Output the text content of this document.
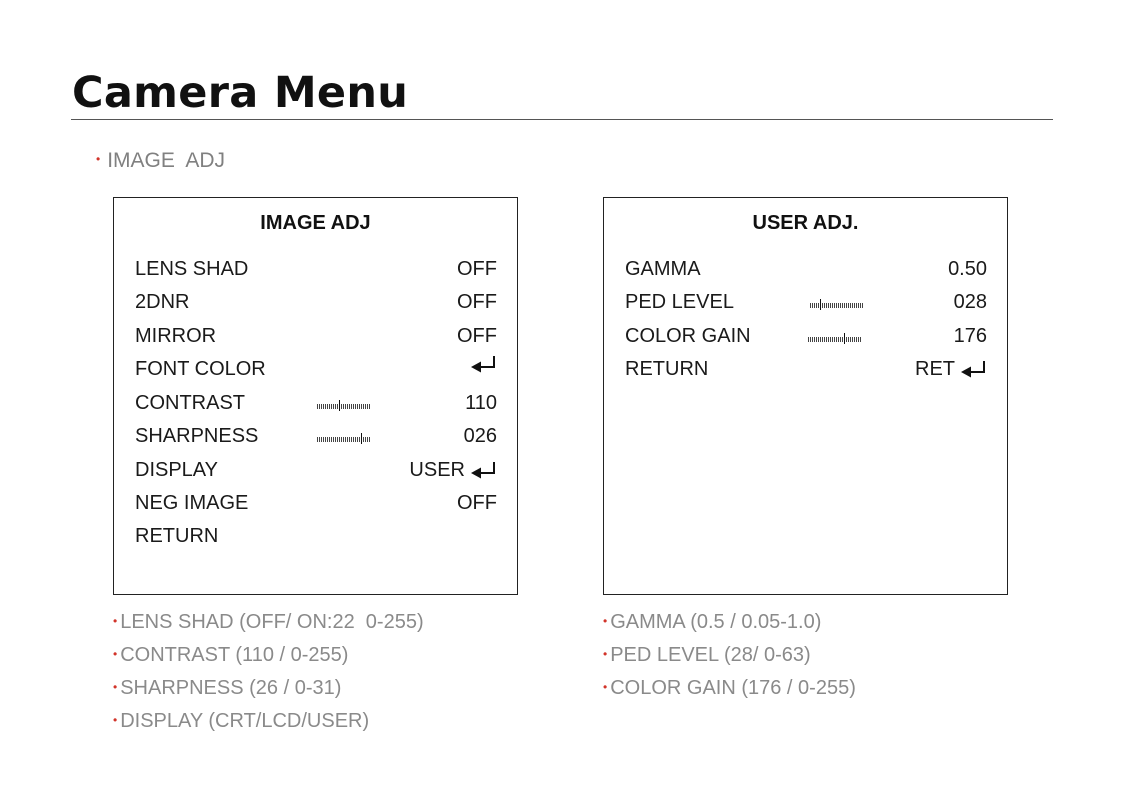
Camera Menu
• IMAGE  ADJ
IMAGE ADJ
LENS SHAD	OFF
2DNR	OFF
MIRROR	OFF
FONT COLOR
CONTRAST	110
SHARPNESS	026
DISPLAY	USER
NEG IMAGE	OFF
RETURN
USER ADJ.
GAMMA	0.50
PED LEVEL	028
COLOR GAIN	176
RETURN	RET
• LENS SHAD (OFF/ ON:22  0-255)
• CONTRAST (110 / 0-255)
• SHARPNESS (26 / 0-31)
• DISPLAY (CRT/LCD/USER)
• GAMMA (0.5 / 0.05-1.0)
• PED LEVEL (28/ 0-63)
• COLOR GAIN (176 / 0-255)
